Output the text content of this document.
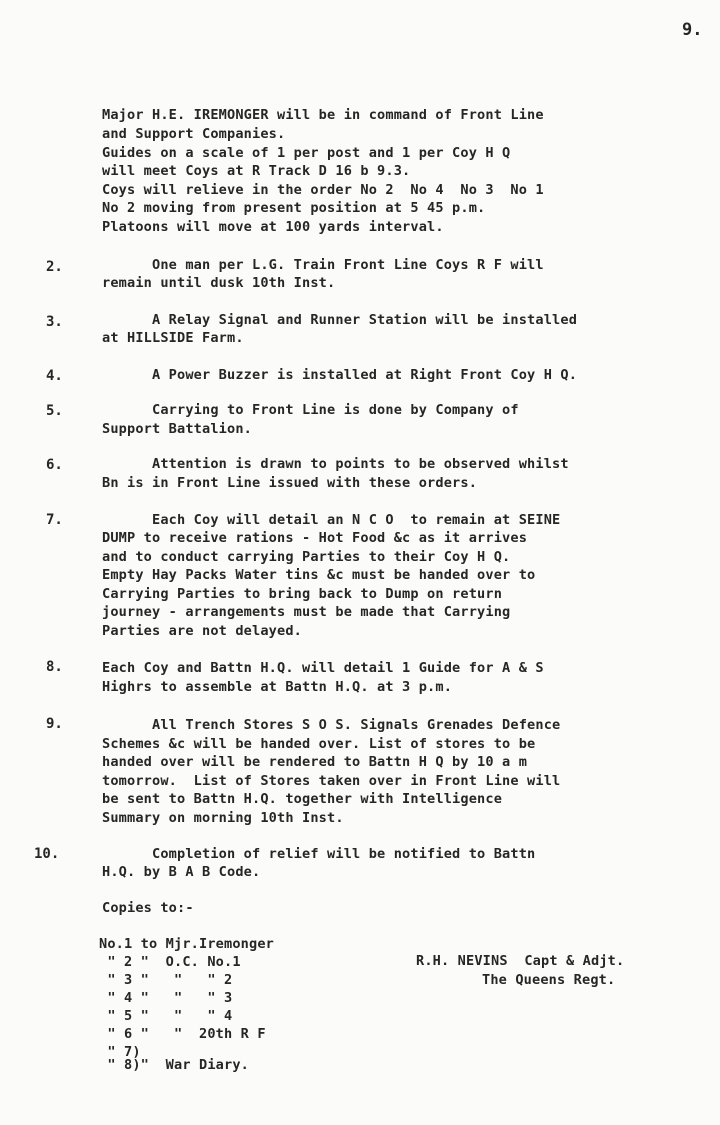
9.
Major H.E. IREMONGER will be in command of Front Line
and Support Companies.
Guides on a scale of 1 per post and 1 per Coy H Q
will meet Coys at R Track D 16 b 9.3.
Coys will relieve in the order No 2  No 4  No 3  No 1
No 2 moving from present position at 5 45 p.m.
Platoons will move at 100 yards interval.
2.	One man per L.G. Train Front Line Coys R F will
remain until dusk 10th Inst.
3.	A Relay Signal and Runner Station will be installed
at HILLSIDE Farm.
4.	A Power Buzzer is installed at Right Front Coy H Q.
5.	Carrying to Front Line is done by Company of
Support Battalion.
6.	Attention is drawn to points to be observed whilst
Bn is in Front Line issued with these orders.
7.	Each Coy will detail an N C O  to remain at SEINE
DUMP to receive rations - Hot Food &c as it arrives
and to conduct carrying Parties to their Coy H Q.
Empty Hay Packs Water tins &c must be handed over to
Carrying Parties to bring back to Dump on return
journey - arrangements must be made that Carrying
Parties are not delayed.
8.	Each Coy and Battn H.Q. will detail 1 Guide for A & S
Highrs to assemble at Battn H.Q. at 3 p.m.
9.	All Trench Stores S O S. Signals Grenades Defence
Schemes &c will be handed over. List of stores to be
handed over will be rendered to Battn H Q by 10 a m
tomorrow.  List of Stores taken over in Front Line will
be sent to Battn H.Q. together with Intelligence
Summary on morning 10th Inst.
10.	Completion of relief will be notified to Battn
H.Q. by B A B Code.
Copies to:-
No.1 to Mjr.Iremonger
" 2 "  O.C. No.1
" 3 "   "   " 2
" 4 "   "   " 3
" 5 "   "   " 4
" 6 "   "  20th R F
" 7)
" 8)"  War Diary.
R.H. NEVINS  Capt & Adjt.
The Queens Regt.
